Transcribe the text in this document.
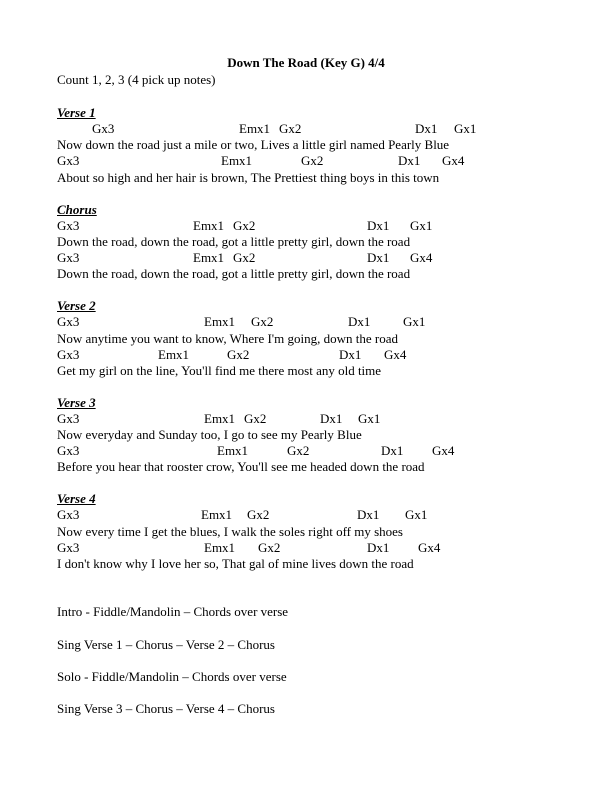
Down The Road (Key G) 4/4
Count 1, 2, 3 (4 pick up notes)
Verse 1
Gx3	Emx1 Gx2	Dx1 Gx1
Now down the road just a mile or two, Lives a little girl named Pearly Blue
Gx3	Emx1	Gx2	Dx1 Gx4
About so high and her hair is brown, The Prettiest thing boys in this town
Chorus
Gx3	Emx1 Gx2	Dx1 Gx1
Down the road, down the road, got a little pretty girl, down the road
Gx3	Emx1 Gx2	Dx1 Gx4
Down the road, down the road, got a little pretty girl, down the road
Verse 2
Gx3	Emx1 Gx2	Dx1	Gx1
Now anytime you want to know, Where I'm going, down the road
Gx3	Emx1	Gx2	Dx1 Gx4
Get my girl on the line, You'll find me there most any old time
Verse 3
Gx3	Emx1 Gx2	Dx1 Gx1
Now everyday and Sunday too, I go to see my Pearly Blue
Gx3	Emx1	Gx2	Dx1 Gx4
Before you hear that rooster crow, You'll see me headed down the road
Verse 4
Gx3	Emx1 Gx2	Dx1 Gx1
Now every time I get the blues, I walk the soles right off my shoes
Gx3	Emx1 Gx2	Dx1 Gx4
I don't know why I love her so, That gal of mine lives down the road
Intro - Fiddle/Mandolin – Chords over verse
Sing Verse 1 – Chorus – Verse 2 – Chorus
Solo - Fiddle/Mandolin – Chords over verse
Sing Verse 3 – Chorus – Verse 4 – Chorus
